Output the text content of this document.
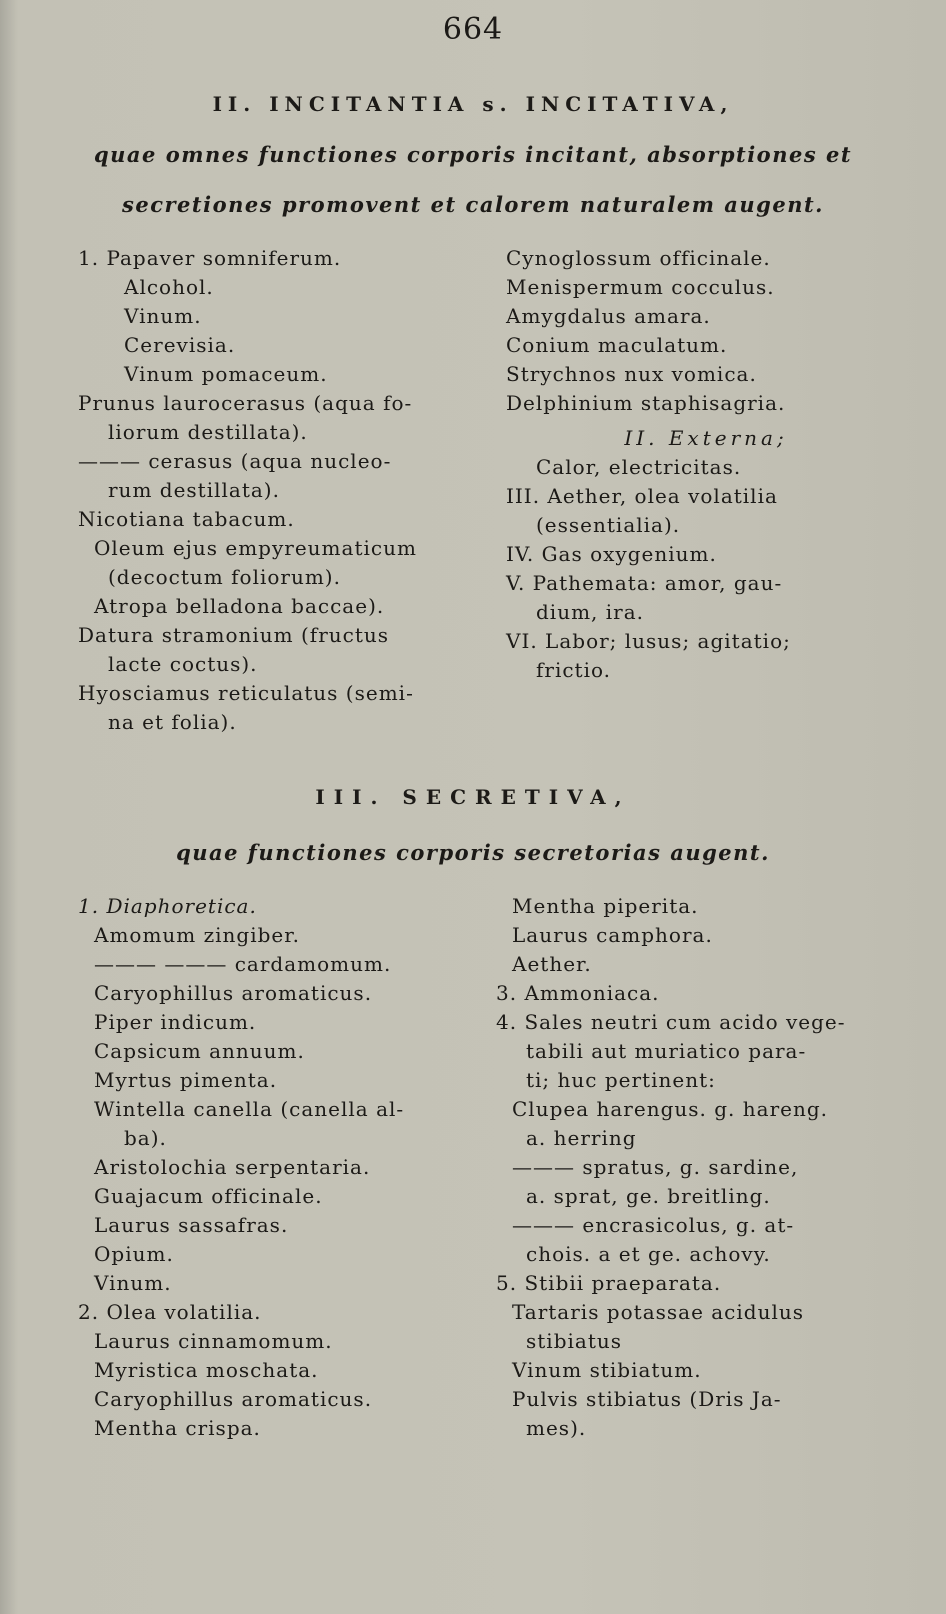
664
II. INCITANTIA s. INCITATIVA,
quae omnes functiones corporis incitant, absorptiones et
secretiones promovent et calorem naturalem augent.
1. Papaver somniferum.
Alcohol.
Vinum.
Cerevisia.
Vinum pomaceum.
Prunus laurocerasus (aqua fo-
liorum destillata).
——— cerasus (aqua nucleo-
rum destillata).
Nicotiana tabacum.
Oleum ejus empyreumaticum
(decoctum foliorum).
Atropa belladona baccae).
Datura stramonium (fructus
lacte coctus).
Hyosciamus reticulatus (semi-
na et folia).
Cynoglossum officinale.
Menispermum cocculus.
Amygdalus amara.
Conium maculatum.
Strychnos nux vomica.
Delphinium staphisagria.
II. Externa;
Calor, electricitas.
III. Aether, olea volatilia
(essentialia).
IV. Gas oxygenium.
V. Pathemata: amor, gau-
dium, ira.
VI. Labor; lusus; agitatio;
frictio.
III. SECRETIVA,
quae functiones corporis secretorias augent.
1. Diaphoretica.
Amomum zingiber.
——— ——— cardamomum.
Caryophillus aromaticus.
Piper indicum.
Capsicum annuum.
Myrtus pimenta.
Wintella canella (canella al-
ba).
Aristolochia serpentaria.
Guajacum officinale.
Laurus sassafras.
Opium.
Vinum.
2. Olea volatilia.
Laurus cinnamomum.
Myristica moschata.
Caryophillus aromaticus.
Mentha crispa.
Mentha piperita.
Laurus camphora.
Aether.
3. Ammoniaca.
4. Sales neutri cum acido vege-
tabili aut muriatico para-
ti; huc pertinent:
Clupea harengus. g. hareng.
a. herring
——— spratus, g. sardine,
a. sprat, ge. breitling.
——— encrasicolus, g. at-
chois. a et ge. achovy.
5. Stibii praeparata.
Tartaris potassae acidulus
stibiatus
Vinum stibiatum.
Pulvis stibiatus (Dris Ja-
mes).
